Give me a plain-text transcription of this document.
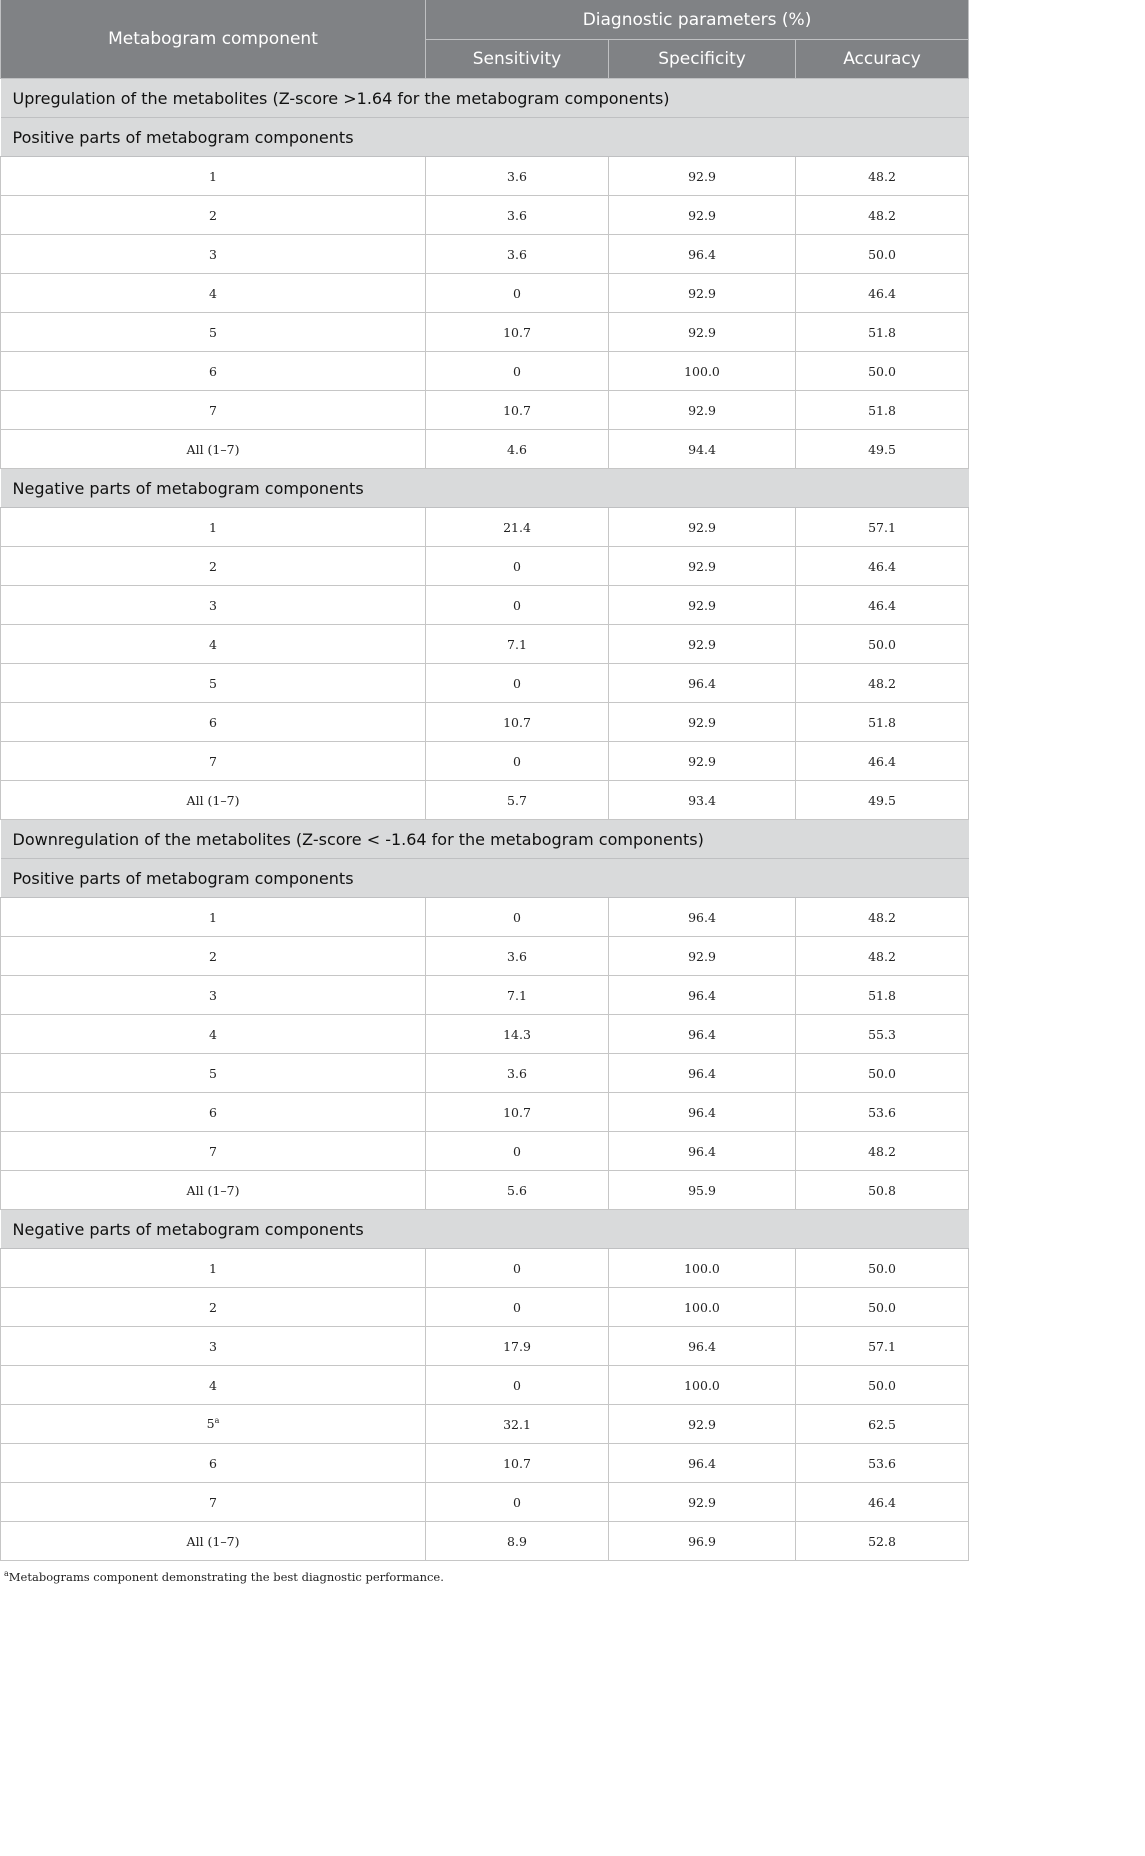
Metabogram component	Diagnostic parameters (%)		
	Sensitivity	Specificity	Accuracy
Upregulation of the metabolites (Z-score >1.64 for the metabogram components)			
Positive parts of metabogram components			
1	3.6	92.9	48.2
2	3.6	92.9	48.2
3	3.6	96.4	50.0
4	0	92.9	46.4
5	10.7	92.9	51.8
6	0	100.0	50.0
7	10.7	92.9	51.8
All (1–7)	4.6	94.4	49.5
Negative parts of metabogram components			
1	21.4	92.9	57.1
2	0	92.9	46.4
3	0	92.9	46.4
4	7.1	92.9	50.0
5	0	96.4	48.2
6	10.7	92.9	51.8
7	0	92.9	46.4
All (1–7)	5.7	93.4	49.5
Downregulation of the metabolites (Z-score < -1.64 for the metabogram components)			
Positive parts of metabogram components			
1	0	96.4	48.2
2	3.6	92.9	48.2
3	7.1	96.4	51.8
4	14.3	96.4	55.3
5	3.6	96.4	50.0
6	10.7	96.4	53.6
7	0	96.4	48.2
All (1–7)	5.6	95.9	50.8
Negative parts of metabogram components			
1	0	100.0	50.0
2	0	100.0	50.0
3	17.9	96.4	57.1
4	0	100.0	50.0
5$^a$	32.1	92.9	62.5
6	10.7	96.4	53.6
7	0	92.9	46.4
All (1–7)	8.9	96.9	52.8
$^a$Metabograms component demonstrating the best diagnostic performance.
